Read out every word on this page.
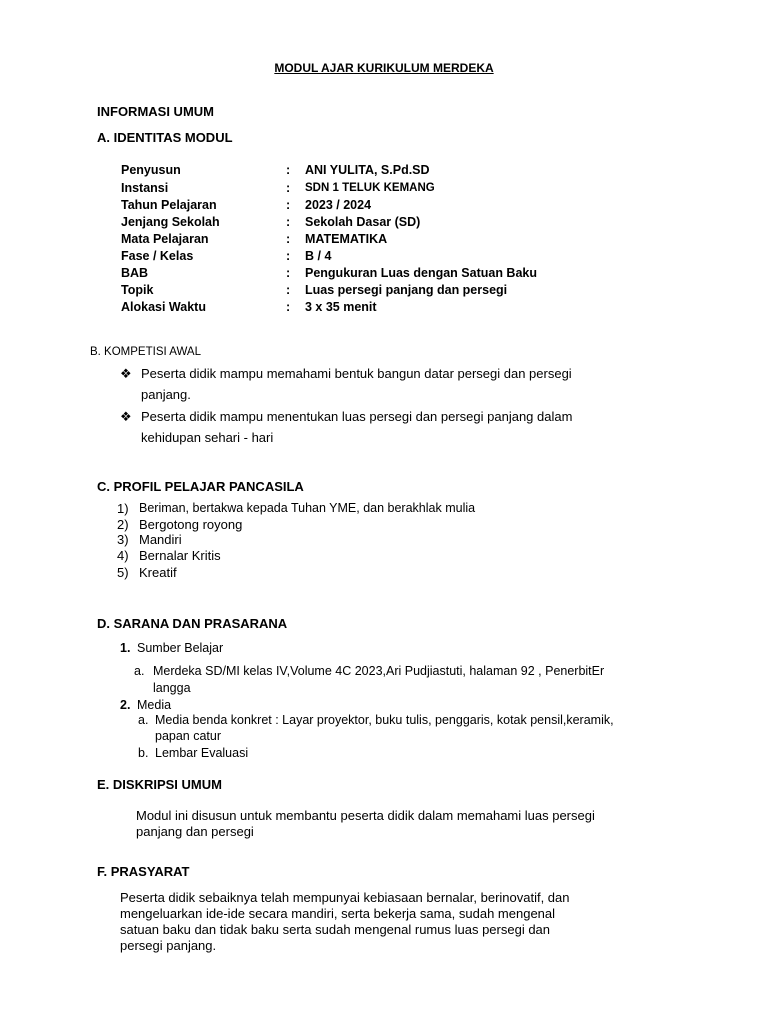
MODUL AJAR KURIKULUM MERDEKA
INFORMASI UMUM
A. IDENTITAS MODUL
Penyusun	: ANI YULITA, S.Pd.SD
Instansi	: SDN 1 TELUK KEMANG
Tahun Pelajaran	: 2023 / 2024
Jenjang Sekolah	: Sekolah Dasar (SD)
Mata Pelajaran	: MATEMATIKA
Fase / Kelas	: B / 4
BAB	: Pengukuran Luas dengan Satuan Baku
Topik	: Luas persegi panjang dan persegi
Alokasi Waktu	: 3 x 35 menit
B. KOMPETISI AWAL
❖ Peserta didik mampu memahami bentuk bangun datar persegi dan persegi
panjang.
❖ Peserta didik mampu menentukan luas persegi dan persegi panjang dalam
kehidupan sehari - hari
C. PROFIL PELAJAR PANCASILA
1) Beriman, bertakwa kepada Tuhan YME, dan berakhlak mulia
2) Bergotong royong
3) Mandiri
4) Bernalar Kritis
5) Kreatif
D. SARANA DAN PRASARANA
1. Sumber Belajar
a. Merdeka SD/MI kelas IV,Volume 4C 2023,Ari Pudjiastuti, halaman 92 , PenerbitEr
langga
2. Media
a. Media benda konkret : Layar proyektor, buku tulis, penggaris, kotak pensil,keramik,
papan catur
b. Lembar Evaluasi
E. DISKRIPSI UMUM
Modul ini disusun untuk membantu peserta didik dalam memahami luas persegi
panjang dan persegi
F. PRASYARAT
Peserta didik sebaiknya telah mempunyai kebiasaan bernalar, berinovatif, dan
mengeluarkan ide-ide secara mandiri, serta bekerja sama, sudah mengenal
satuan baku dan tidak baku serta sudah mengenal rumus luas persegi dan
persegi panjang.
